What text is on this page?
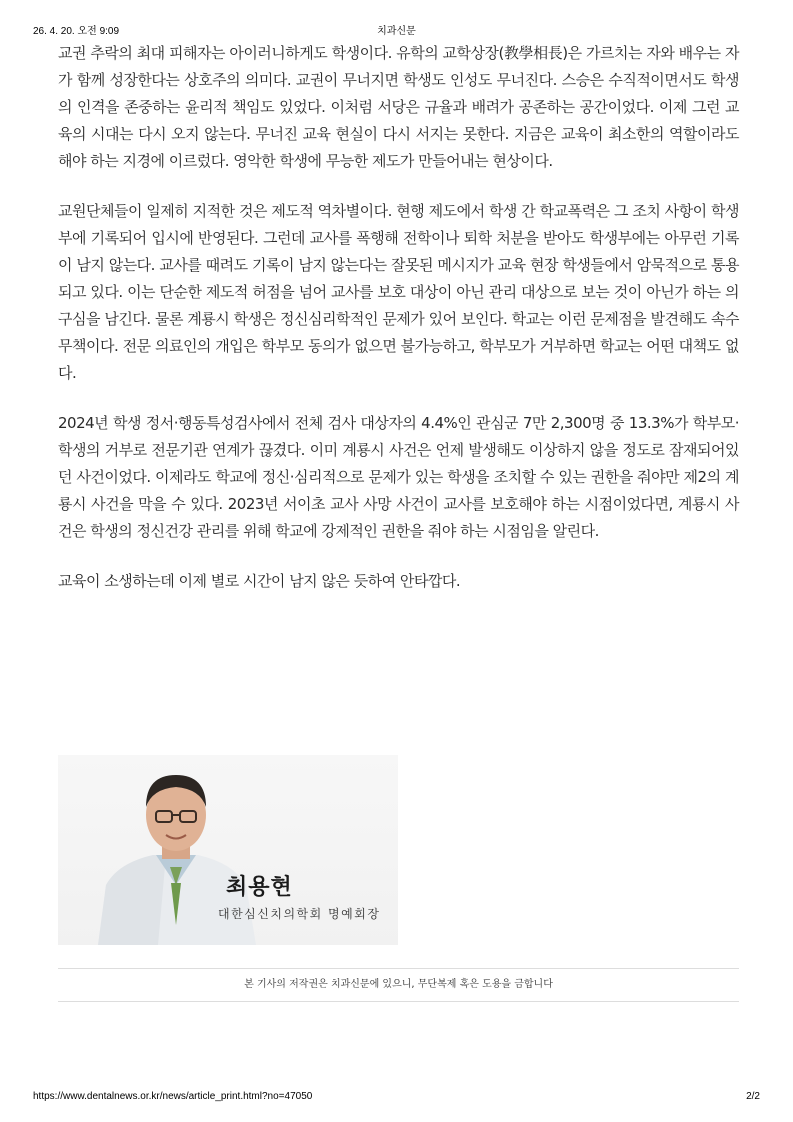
26. 4. 20. 오전 9:09	치과신문

교권 추락의 최대 피해자는 아이러니하게도 학생이다. 유학의 교학상장(教學相長)은 가르치는 자와 배우는 자가 함께 성장한다는 상호주의 의미다. 교권이 무너지면 학생도 인성도 무너진다. 스승은 수직적이면서도 학생의 인격을 존중하는 윤리적 책임도 있었다. 이처럼 서당은 규율과 배려가 공존하는 공간이었다. 이제 그런 교육의 시대는 다시 오지 않는다. 무너진 교육 현실이 다시 서지는 못한다. 지금은 교육이 최소한의 역할이라도 해야 하는 지경에 이르렀다. 영악한 학생에 무능한 제도가 만들어내는 현상이다.

교원단체들이 일제히 지적한 것은 제도적 역차별이다. 현행 제도에서 학생 간 학교폭력은 그 조치 사항이 학생부에 기록되어 입시에 반영된다. 그런데 교사를 폭행해 전학이나 퇴학 처분을 받아도 학생부에는 아무런 기록이 남지 않는다. 교사를 때려도 기록이 남지 않는다는 잘못된 메시지가 교육 현장 학생들에서 암묵적으로 통용되고 있다. 이는 단순한 제도적 허점을 넘어 교사를 보호 대상이 아닌 관리 대상으로 보는 것이 아닌가 하는 의구심을 남긴다. 물론 계룡시 학생은 정신심리학적인 문제가 있어 보인다. 학교는 이런 문제점을 발견해도 속수무책이다. 전문 의료인의 개입은 학부모 동의가 없으면 불가능하고, 학부모가 거부하면 학교는 어떤 대책도 없다.

2024년 학생 정서·행동특성검사에서 전체 검사 대상자의 4.4%인 관심군 7만 2,300명 중 13.3%가 학부모·학생의 거부로 전문기관 연계가 끊겼다. 이미 계룡시 사건은 언제 발생해도 이상하지 않을 정도로 잠재되어있던 사건이었다. 이제라도 학교에 정신·심리적으로 문제가 있는 학생을 조치할 수 있는 권한을 줘야만 제2의 계룡시 사건을 막을 수 있다. 2023년 서이초 교사 사망 사건이 교사를 보호해야 하는 시점이었다면, 계룡시 사건은 학생의 정신건강 관리를 위해 학교에 강제적인 권한을 줘야 하는 시점임을 알린다.

교육이 소생하는데 이제 별로 시간이 남지 않은 듯하여 안타깝다.

최용현
대한심신치의학회 명예회장
본 기사의 저작권은 치과신문에 있으니, 무단복제 혹은 도용을 금합니다
https://www.dentalnews.or.kr/news/article_print.html?no=47050	2/2
